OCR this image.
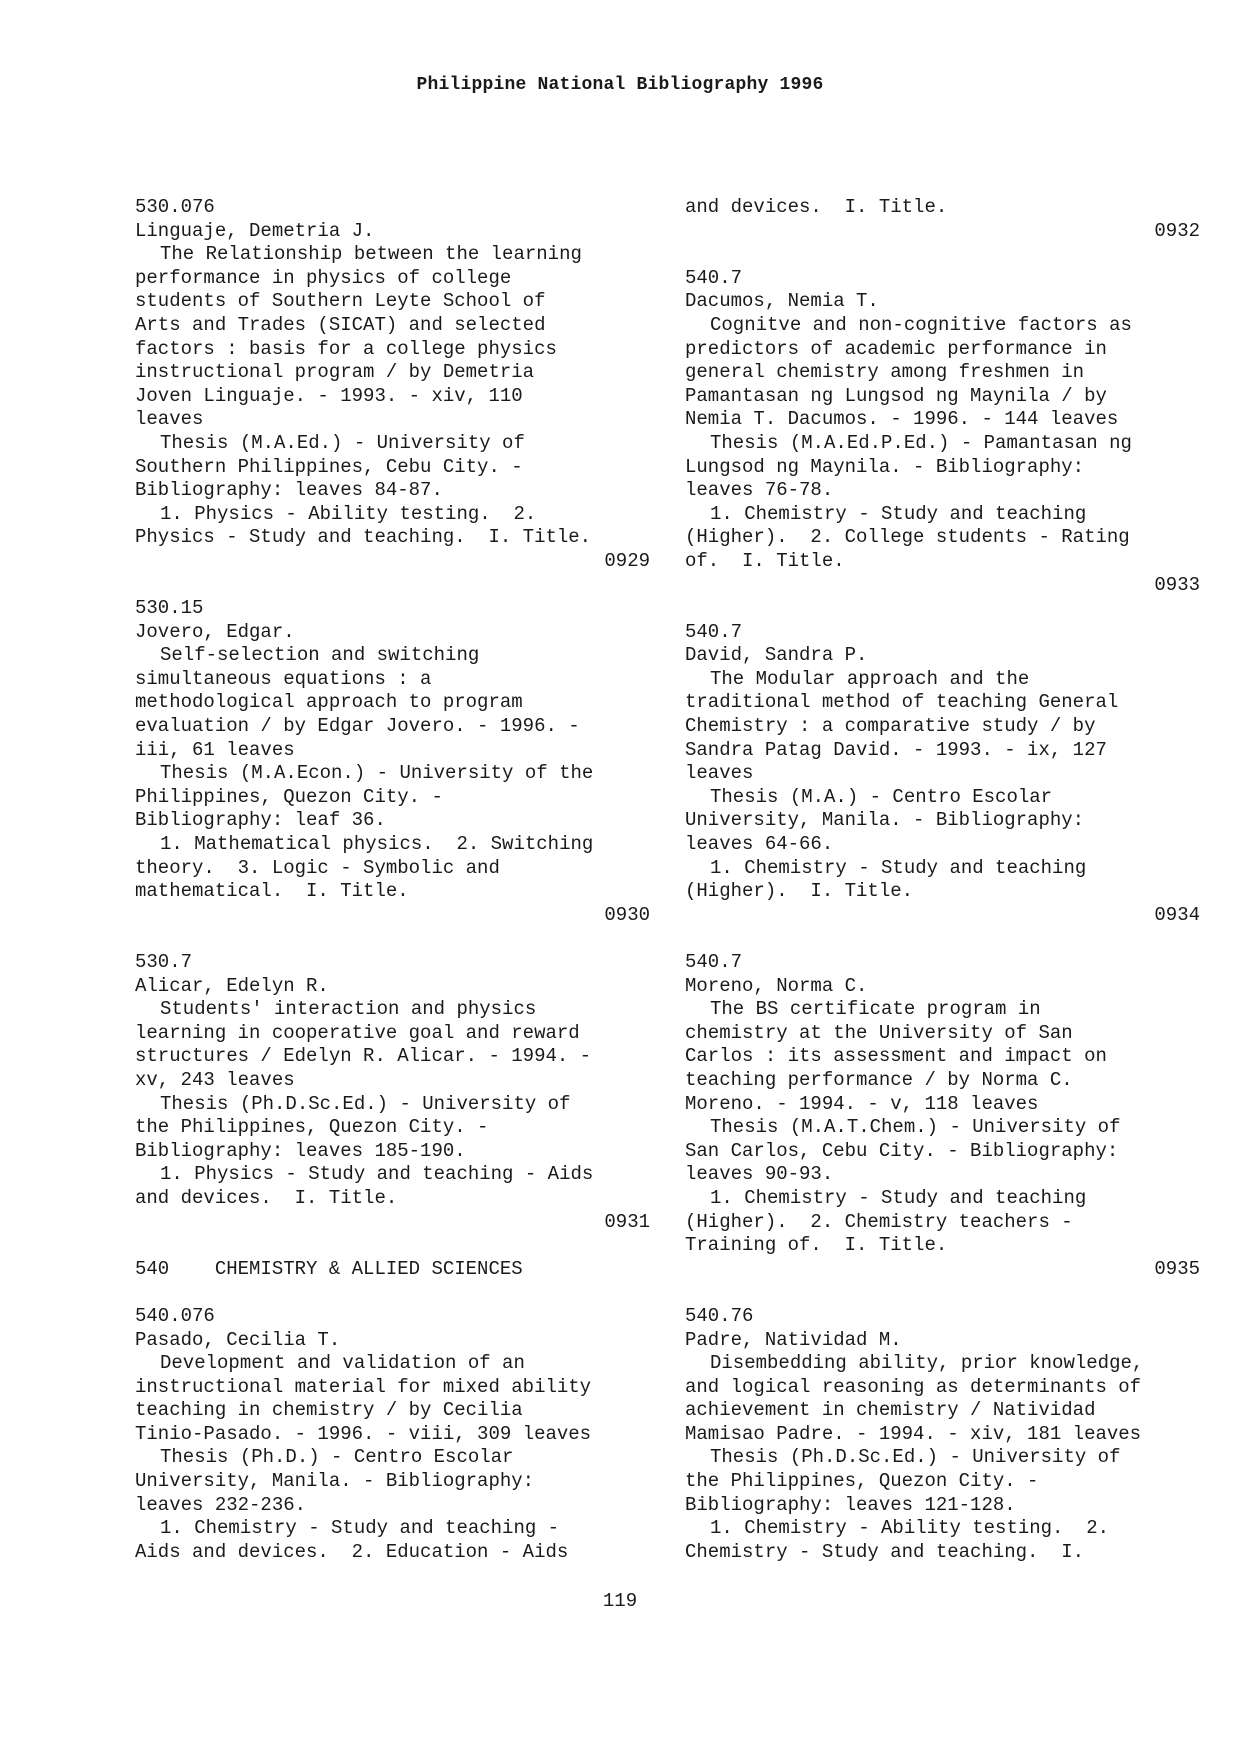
Philippine National Bibliography 1996
530.076
Linguaje, Demetria J.
The Relationship between the learning
performance in physics of college
students of Southern Leyte School of
Arts and Trades (SICAT) and selected
factors : basis for a college physics
instructional program / by Demetria
Joven Linguaje. - 1993. - xiv, 110
leaves
Thesis (M.A.Ed.) - University of
Southern Philippines, Cebu City. -
Bibliography: leaves 84-87.
1. Physics - Ability testing.  2.
Physics - Study and teaching.  I. Title.
0929
530.15
Jovero, Edgar.
Self-selection and switching
simultaneous equations : a
methodological approach to program
evaluation / by Edgar Jovero. - 1996. -
iii, 61 leaves
Thesis (M.A.Econ.) - University of the
Philippines, Quezon City. -
Bibliography: leaf 36.
1. Mathematical physics.  2. Switching
theory.  3. Logic - Symbolic and
mathematical.  I. Title.
0930
530.7
Alicar, Edelyn R.
Students' interaction and physics
learning in cooperative goal and reward
structures / Edelyn R. Alicar. - 1994. -
xv, 243 leaves
Thesis (Ph.D.Sc.Ed.) - University of
the Philippines, Quezon City. -
Bibliography: leaves 185-190.
1. Physics - Study and teaching - Aids
and devices.  I. Title.
0931
540    CHEMISTRY & ALLIED SCIENCES
540.076
Pasado, Cecilia T.
Development and validation of an
instructional material for mixed ability
teaching in chemistry / by Cecilia
Tinio-Pasado. - 1996. - viii, 309 leaves
Thesis (Ph.D.) - Centro Escolar
University, Manila. - Bibliography:
leaves 232-236.
1. Chemistry - Study and teaching -
Aids and devices.  2. Education - Aids
and devices.  I. Title.
0932
540.7
Dacumos, Nemia T.
Cognitve and non-cognitive factors as
predictors of academic performance in
general chemistry among freshmen in
Pamantasan ng Lungsod ng Maynila / by
Nemia T. Dacumos. - 1996. - 144 leaves
Thesis (M.A.Ed.P.Ed.) - Pamantasan ng
Lungsod ng Maynila. - Bibliography:
leaves 76-78.
1. Chemistry - Study and teaching
(Higher).  2. College students - Rating
of.  I. Title.
0933
540.7
David, Sandra P.
The Modular approach and the
traditional method of teaching General
Chemistry : a comparative study / by
Sandra Patag David. - 1993. - ix, 127
leaves
Thesis (M.A.) - Centro Escolar
University, Manila. - Bibliography:
leaves 64-66.
1. Chemistry - Study and teaching
(Higher).  I. Title.
0934
540.7
Moreno, Norma C.
The BS certificate program in
chemistry at the University of San
Carlos : its assessment and impact on
teaching performance / by Norma C.
Moreno. - 1994. - v, 118 leaves
Thesis (M.A.T.Chem.) - University of
San Carlos, Cebu City. - Bibliography:
leaves 90-93.
1. Chemistry - Study and teaching
(Higher).  2. Chemistry teachers -
Training of.  I. Title.
0935
540.76
Padre, Natividad M.
Disembedding ability, prior knowledge,
and logical reasoning as determinants of
achievement in chemistry / Natividad
Mamisao Padre. - 1994. - xiv, 181 leaves
Thesis (Ph.D.Sc.Ed.) - University of
the Philippines, Quezon City. -
Bibliography: leaves 121-128.
1. Chemistry - Ability testing.  2.
Chemistry - Study and teaching.  I.
119
